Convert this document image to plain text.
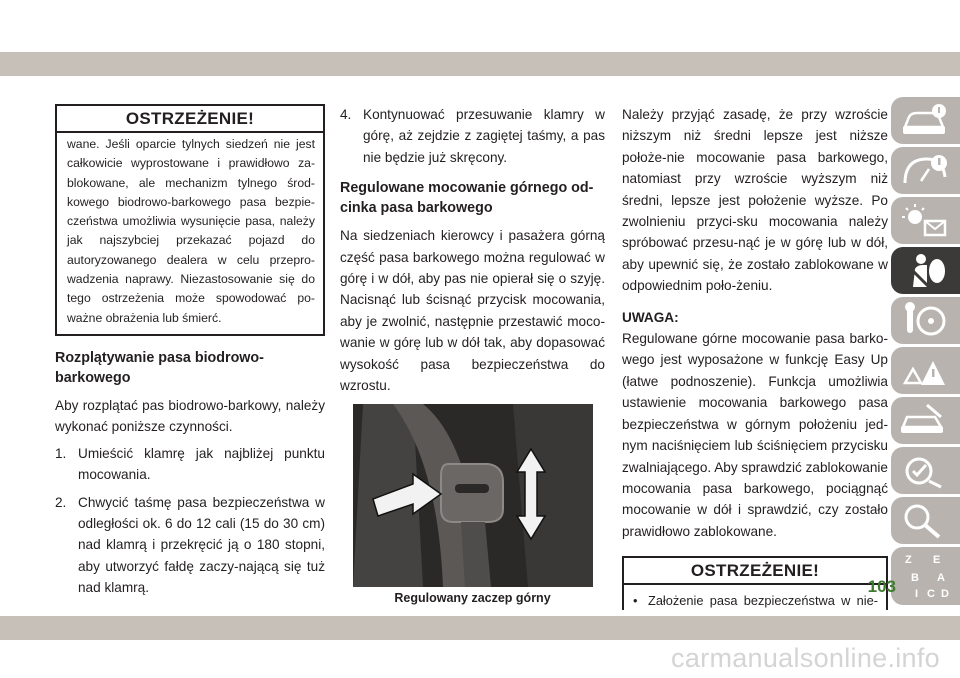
OSTRZEŻENIE!
wane. Jeśli oparcie tylnych siedzeń nie jest całkowicie wyprostowane i prawidłowo za-blokowane, ale mechanizm tylnego środ-kowego biodrowo-barkowego pasa bezpie-czeństwa umożliwia wysunięcie pasa, należy jak najszybciej przekazać pojazd do autoryzowanego dealera w celu przepro-wadzenia naprawy. Niezastosowanie się do tego ostrzeżenia może spowodować po-ważne obrażenia lub śmierć.

Rozplątywanie pasa biodrowo-barkowego

Aby rozplątać pas biodrowo-barkowy, należy wykonać poniższe czynności.

1. Umieścić klamrę jak najbliżej punktu mocowania.
2. Chwycić taśmę pasa bezpieczeństwa w odległości ok. 6 do 12 cali (15 do 30 cm) nad klamrą i przekręcić ją o 180 stopni, aby utworzyć fałdę zaczy-nającą się tuż nad klamrą.
4. Kontynuować przesuwanie klamry w górę, aż zejdzie z zagiętej taśmy, a pas nie będzie już skręcony.

Regulowane mocowanie górnego od-cinka pasa barkowego

Na siedzeniach kierowcy i pasażera górną część pasa barkowego można regulować w górę i w dół, aby pas nie opierał się o szyję. Nacisnąć lub ścisnąć przycisk mocowania, aby je zwolnić, następnie przestawić moco-wanie w górę lub w dół tak, aby dopasować wysokość pasa bezpieczeństwa do wzrostu.

Regulowany zaczep górny

Należy przyjąć zasadę, że przy wzroście niższym niż średni lepsze jest niższe położe-nie mocowanie pasa barkowego, natomiast przy wzroście wyższym niż średni, lepsze jest położenie wyższe. Po zwolnieniu przyci-sku mocowania należy spróbować przesu-nąć je w górę lub w dół, aby upewnić się, że zostało zablokowane w odpowiednim poło-żeniu.

UWAGA:

Regulowane górne mocowanie pasa barko-wego jest wyposażone w funkcję Easy Up (łatwe podnoszenie). Funkcja umożliwia ustawienie mocowania barkowego pasa bezpieczeństwa w górnym położeniu jed-nym naciśnięciem lub ściśnięciem przycisku zwalniającego. Aby sprawdzić zablokowanie mocowania pasa barkowego, pociągnąć mocowanie w dół i sprawdzić, czy zostało prawidłowo zablokowane.

OSTRZEŻENIE!
• Założenie pasa bezpieczeństwa w nie-
Z E
B A
I C D
103
carmanualsonline.info
